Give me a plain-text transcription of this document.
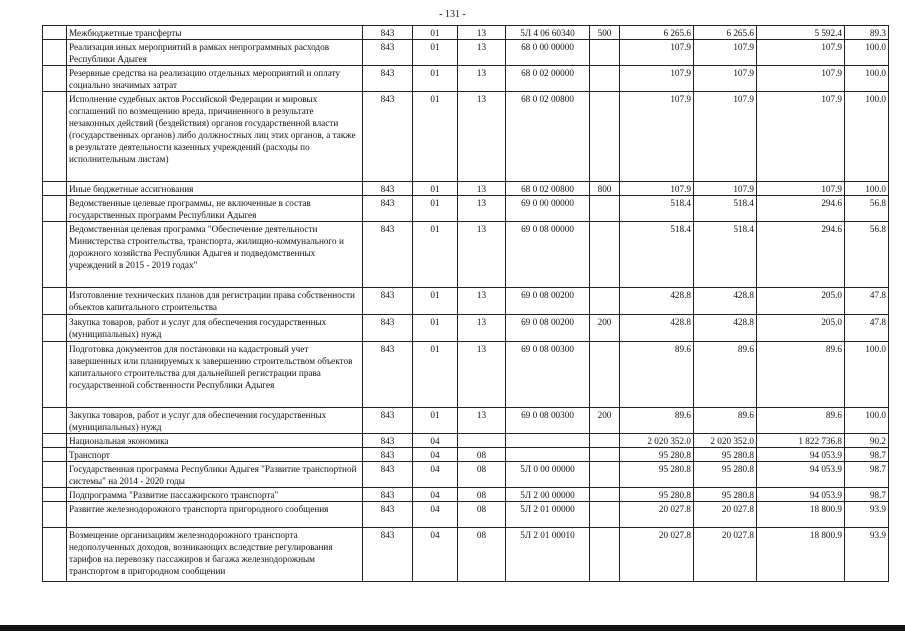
- 131 -
	Межбюджетные трансферты	843	01	13	5Л 4 06 60340	500	6 265.6	6 265.6	5 592.4	89.3
	Реализация иных мероприятий в рамках непрограммных расходов Республики Адыгея	843	01	13	68 0 00 00000		107.9	107.9	107.9	100.0
	Резервные средства на реализацию отдельных мероприятий и оплату социально значимых затрат	843	01	13	68 0 02 00000		107.9	107.9	107.9	100.0
	Исполнение судебных актов Российской Федерации и мировых соглашений по возмещению вреда, причиненного в результате незаконных действий (бездействия) органов государственной власти (государственных органов) либо должностных лиц этих органов, а также в результате деятельности казенных учреждений (расходы по исполнительным листам)	843	01	13	68 0 02 00800		107.9	107.9	107.9	100.0
	Иные бюджетные ассигнования	843	01	13	68 0 02 00800	800	107.9	107.9	107.9	100.0
	Ведомственные целевые программы, не включенные в состав государственных программ Республики Адыгея	843	01	13	69 0 00 00000		518.4	518.4	294.6	56.8
	Ведомственная целевая программа "Обеспечение деятельности Министерства строительства, транспорта, жилищно-коммунального и дорожного хозяйства Республики Адыгея и подведомственных учреждений в 2015 - 2019 годах"	843	01	13	69 0 08 00000		518.4	518.4	294.6	56.8
	Изготовление технических планов для регистрации права собственности объектов капитального строительства	843	01	13	69 0 08 00200		428.8	428.8	205.0	47.8
	Закупка товаров, работ и услуг для обеспечения государственных (муниципальных) нужд	843	01	13	69 0 08 00200	200	428.8	428.8	205.0	47.8
	Подготовка документов для постановки на кадастровый учет завершенных или планируемых к завершению строительством объектов капитального строительства для дальнейшей регистрации права государственной собственности Республики Адыгея	843	01	13	69 0 08 00300		89.6	89.6	89.6	100.0
	Закупка товаров, работ и услуг для обеспечения государственных (муниципальных) нужд	843	01	13	69 0 08 00300	200	89.6	89.6	89.6	100.0
	Национальная экономика	843	04				2 020 352.0	2 020 352.0	1 822 736.8	90.2
	Транспорт	843	04	08			95 280.8	95 280.8	94 053.9	98.7
	Государственная программа Республики Адыгея "Развитие транспортной системы" на 2014 - 2020 годы	843	04	08	5Л 0 00 00000		95 280.8	95 280.8	94 053.9	98.7
	Подпрограмма "Развитие пассажирского транспорта"	843	04	08	5Л 2 00 00000		95 280.8	95 280.8	94 053.9	98.7
	Развитие железнодорожного транспорта пригородного сообщения	843	04	08	5Л 2 01 00000		20 027.8	20 027.8	18 800.9	93.9
	Возмещение организациям железнодорожного транспорта недополученных доходов, возникающих вследствие регулирования тарифов на перевозку пассажиров и багажа железнодорожным транспортом в пригородном сообщении	843	04	08	5Л 2 01 00010		20 027.8	20 027.8	18 800.9	93.9
